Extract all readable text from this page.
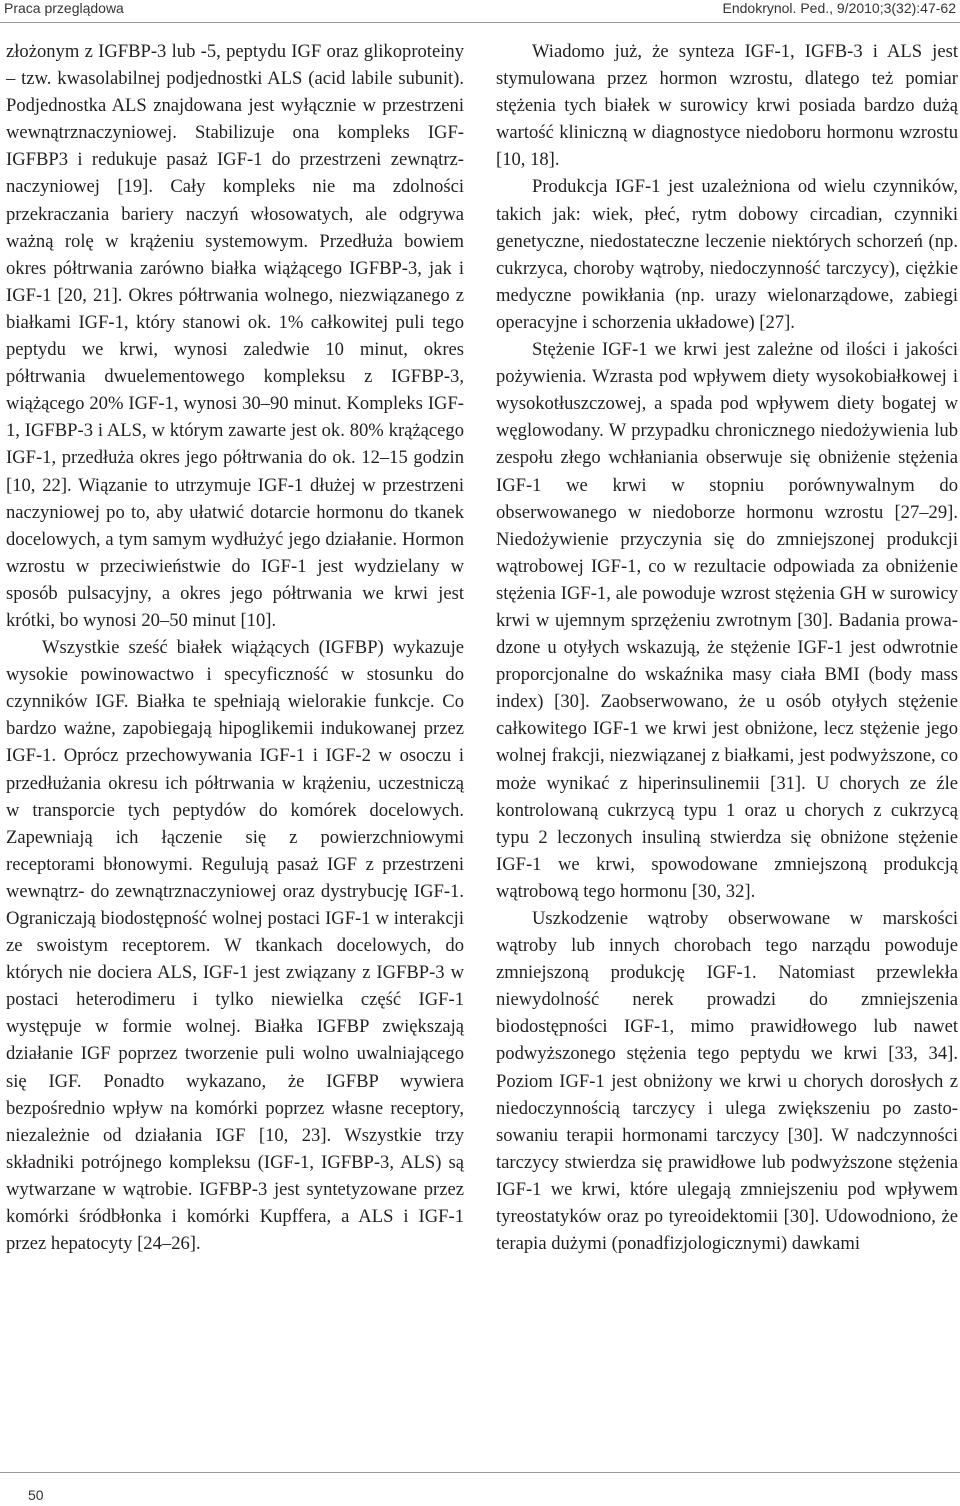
Praca przeglądowa	Endokrynol. Ped., 9/2010;3(32):47-62

złożonym z IGFBP-3 lub -5, peptydu IGF oraz glikoproteiny – tzw. kwasolabilnej podjednostki ALS (acid labile subunit). Podjednostka ALS znajdowana jest wyłącznie w przestrzeni wewnątrznaczyniowej. Stabilizuje ona kompleks IGF-IGFBP3 i redukuje pasaż IGF-1 do przestrzeni zewnątrznaczyniowej [19]. Cały kompleks nie ma zdolności przekraczania bariery naczyń włosowatych, ale odgrywa ważną rolę w krążeniu systemowym. Przedłuża bowiem okres półtrwania zarówno białka wiążącego IGFBP-3, jak i IGF-1 [20, 21]. Okres półtrwania wolnego, niezwiązanego z białkami IGF-1, który stanowi ok. 1% całkowitej puli tego peptydu we krwi, wynosi zaledwie 10 minut, okres półtrwania dwuelementowego kompleksu z IGFBP-3, wiążącego 20% IGF-1, wynosi 30–90 minut. Kompleks IGF-1, IGFBP-3 i ALS, w którym zawarte jest ok. 80% krążącego IGF-1, przedłuża okres jego półtrwania do ok. 12–15 godzin [10, 22]. Wiązanie to utrzymuje IGF-1 dłużej w przestrzeni naczyniowej po to, aby ułatwić dotarcie hormonu do tkanek docelowych, a tym samym wydłużyć jego działanie. Hormon wzrostu w przeciwieństwie do IGF-1 jest wydzielany w sposób pulsacyjny, a okres jego półtrwania we krwi jest krótki, bo wynosi 20–50 minut [10].

Wszystkie sześć białek wiążących (IGFBP) wykazuje wysokie powinowactwo i specyficzność w stosunku do czynników IGF. Białka te spełniają wielorakie funkcje. Co bardzo ważne, zapobiegają hipoglikemii indukowanej przez IGF-1. Oprócz przechowywania IGF-1 i IGF-2 w osoczu i przedłużania okresu ich półtrwania w krążeniu, uczestniczą w transporcie tych peptydów do komórek docelowych. Zapewniają ich łączenie się z powierzchniowymi receptorami błonowymi. Regulują pasaż IGF z przestrzeni wewnątrz- do zewnątrznaczyniowej oraz dystrybucję IGF-1. Ograniczają biodostępność wolnej postaci IGF-1 w interakcji ze swoistym receptorem. W tkankach docelowych, do których nie dociera ALS, IGF-1 jest związany z IGFBP-3 w postaci heterodimeru i tylko niewielka część IGF-1 występuje w formie wolnej. Białka IGFBP zwiększają działanie IGF poprzez tworzenie puli wolno uwalniającego się IGF. Ponadto wykazano, że IGFBP wywiera bezpośrednio wpływ na komórki poprzez własne receptory, niezależnie od działania IGF [10, 23]. Wszystkie trzy składniki potrójnego kompleksu (IGF-1, IGFBP-3, ALS) są wytwarzane w wątrobie. IGFBP-3 jest syntetyzowane przez komórki śródbłonka i komórki Kupffera, a ALS i IGF-1 przez hepatocyty [24–26].

Wiadomo już, że synteza IGF-1, IGFB-3 i ALS jest stymulowana przez hormon wzrostu, dlatego też pomiar stężenia tych białek w surowicy krwi posiada bardzo dużą wartość kliniczną w diagnostyce niedoboru hormonu wzrostu [10, 18].

Produkcja IGF-1 jest uzależniona od wielu czynników, takich jak: wiek, płeć, rytm dobowy circadian, czynniki genetyczne, niedostateczne leczenie niektórych schorzeń (np. cukrzyca, choroby wątroby, niedoczynność tarczycy), ciężkie medyczne powikłania (np. urazy wielonarządowe, zabiegi operacyjne i schorzenia układowe) [27].

Stężenie IGF-1 we krwi jest zależne od ilości i jakości pożywienia. Wzrasta pod wpływem diety wysokobiałkowej i wysokotłuszczowej, a spada pod wpływem diety bogatej w węglowodany. W przypadku chronicznego niedożywienia lub zespołu złego wchłaniania obserwuje się obniżenie stężenia IGF-1 we krwi w stopniu porównywalnym do obserwowanego w niedoborze hormonu wzrostu [27–29]. Niedożywienie przyczynia się do zmniejszonej produkcji wątrobowej IGF-1, co w rezultacie odpowiada za obniżenie stężenia IGF-1, ale powoduje wzrost stężenia GH w surowicy krwi w ujemnym sprzężeniu zwrotnym [30]. Badania prowadzone u otyłych wskazują, że stężenie IGF-1 jest odwrotnie proporcjonalne do wskaźnika masy ciała BMI (body mass index) [30]. Zaobserwowano, że u osób otyłych stężenie całkowitego IGF-1 we krwi jest obniżone, lecz stężenie jego wolnej frakcji, niezwiązanej z białkami, jest podwyższone, co może wynikać z hiperinsulinemii [31]. U chorych ze źle kontrolowaną cukrzycą typu 1 oraz u chorych z cukrzycą typu 2 leczonych insuliną stwierdza się obniżone stężenie IGF-1 we krwi, spowodowane zmniejszoną produkcją wątrobową tego hormonu [30, 32].

Uszkodzenie wątroby obserwowane w marskości wątroby lub innych chorobach tego narządu powoduje zmniejszoną produkcję IGF-1. Natomiast przewlekła niewydolność nerek prowadzi do zmniejszenia biodostępności IGF-1, mimo prawidłowego lub nawet podwyższonego stężenia tego peptydu we krwi [33, 34]. Poziom IGF-1 jest obniżony we krwi u chorych dorosłych z niedoczynnością tarczycy i ulega zwiększeniu po zastosowaniu terapii hormonami tarczycy [30]. W nadczynności tarczycy stwierdza się prawidłowe lub podwyższone stężenia IGF-1 we krwi, które ulegają zmniejszeniu pod wpływem tyreostatyków oraz po tyreoidektomii [30]. Udowodniono, że terapia dużymi (ponadfizjologicznymi) dawkami

50
